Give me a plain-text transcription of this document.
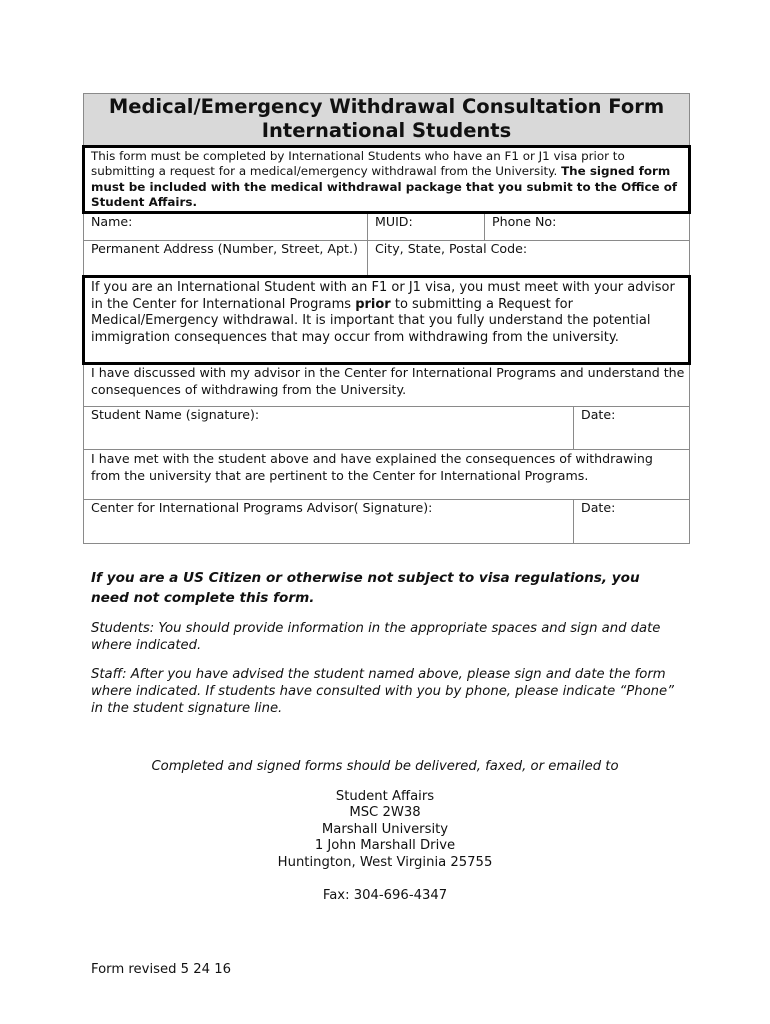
Medical/Emergency Withdrawal Consultation Form
International Students			

This form must be completed by International Students who have an F1 or J1 visa prior to submitting a request for a medical/emergency withdrawal from the University. The signed form must be included with the medical withdrawal package that you submit to the Office of Student Affairs.			
Name:	MUID:	Phone No:	
Permanent Address (Number, Street, Apt.)	City, State, Postal Code:		
If you are an International Student with an F1 or J1 visa, you must meet with your advisor in the Center for International Programs prior to submitting a Request for Medical/Emergency withdrawal. It is important that you fully understand the potential immigration consequences that may occur from withdrawing from the university.			
I have discussed with my advisor in the Center for International Programs and understand the consequences of withdrawing from the University.			
Student Name (signature):			Date:
I have met with the student above and have explained the consequences of withdrawing from the university that are pertinent to the Center for International Programs.			
Center for International Programs Advisor( Signature):			Date:
If you are a US Citizen or otherwise not subject to visa regulations, you need not complete this form.
Students: You should provide information in the appropriate spaces and sign and date where indicated.
Staff: After you have advised the student named above, please sign and date the form where indicated. If students have consulted with you by phone, please indicate “Phone” in the student signature line.
Completed and signed forms should be delivered, faxed, or emailed to
Student Affairs
MSC 2W38
Marshall University
1 John Marshall Drive
Huntington, West Virginia 25755
Fax: 304-696-4347
Form revised 5 24 16
